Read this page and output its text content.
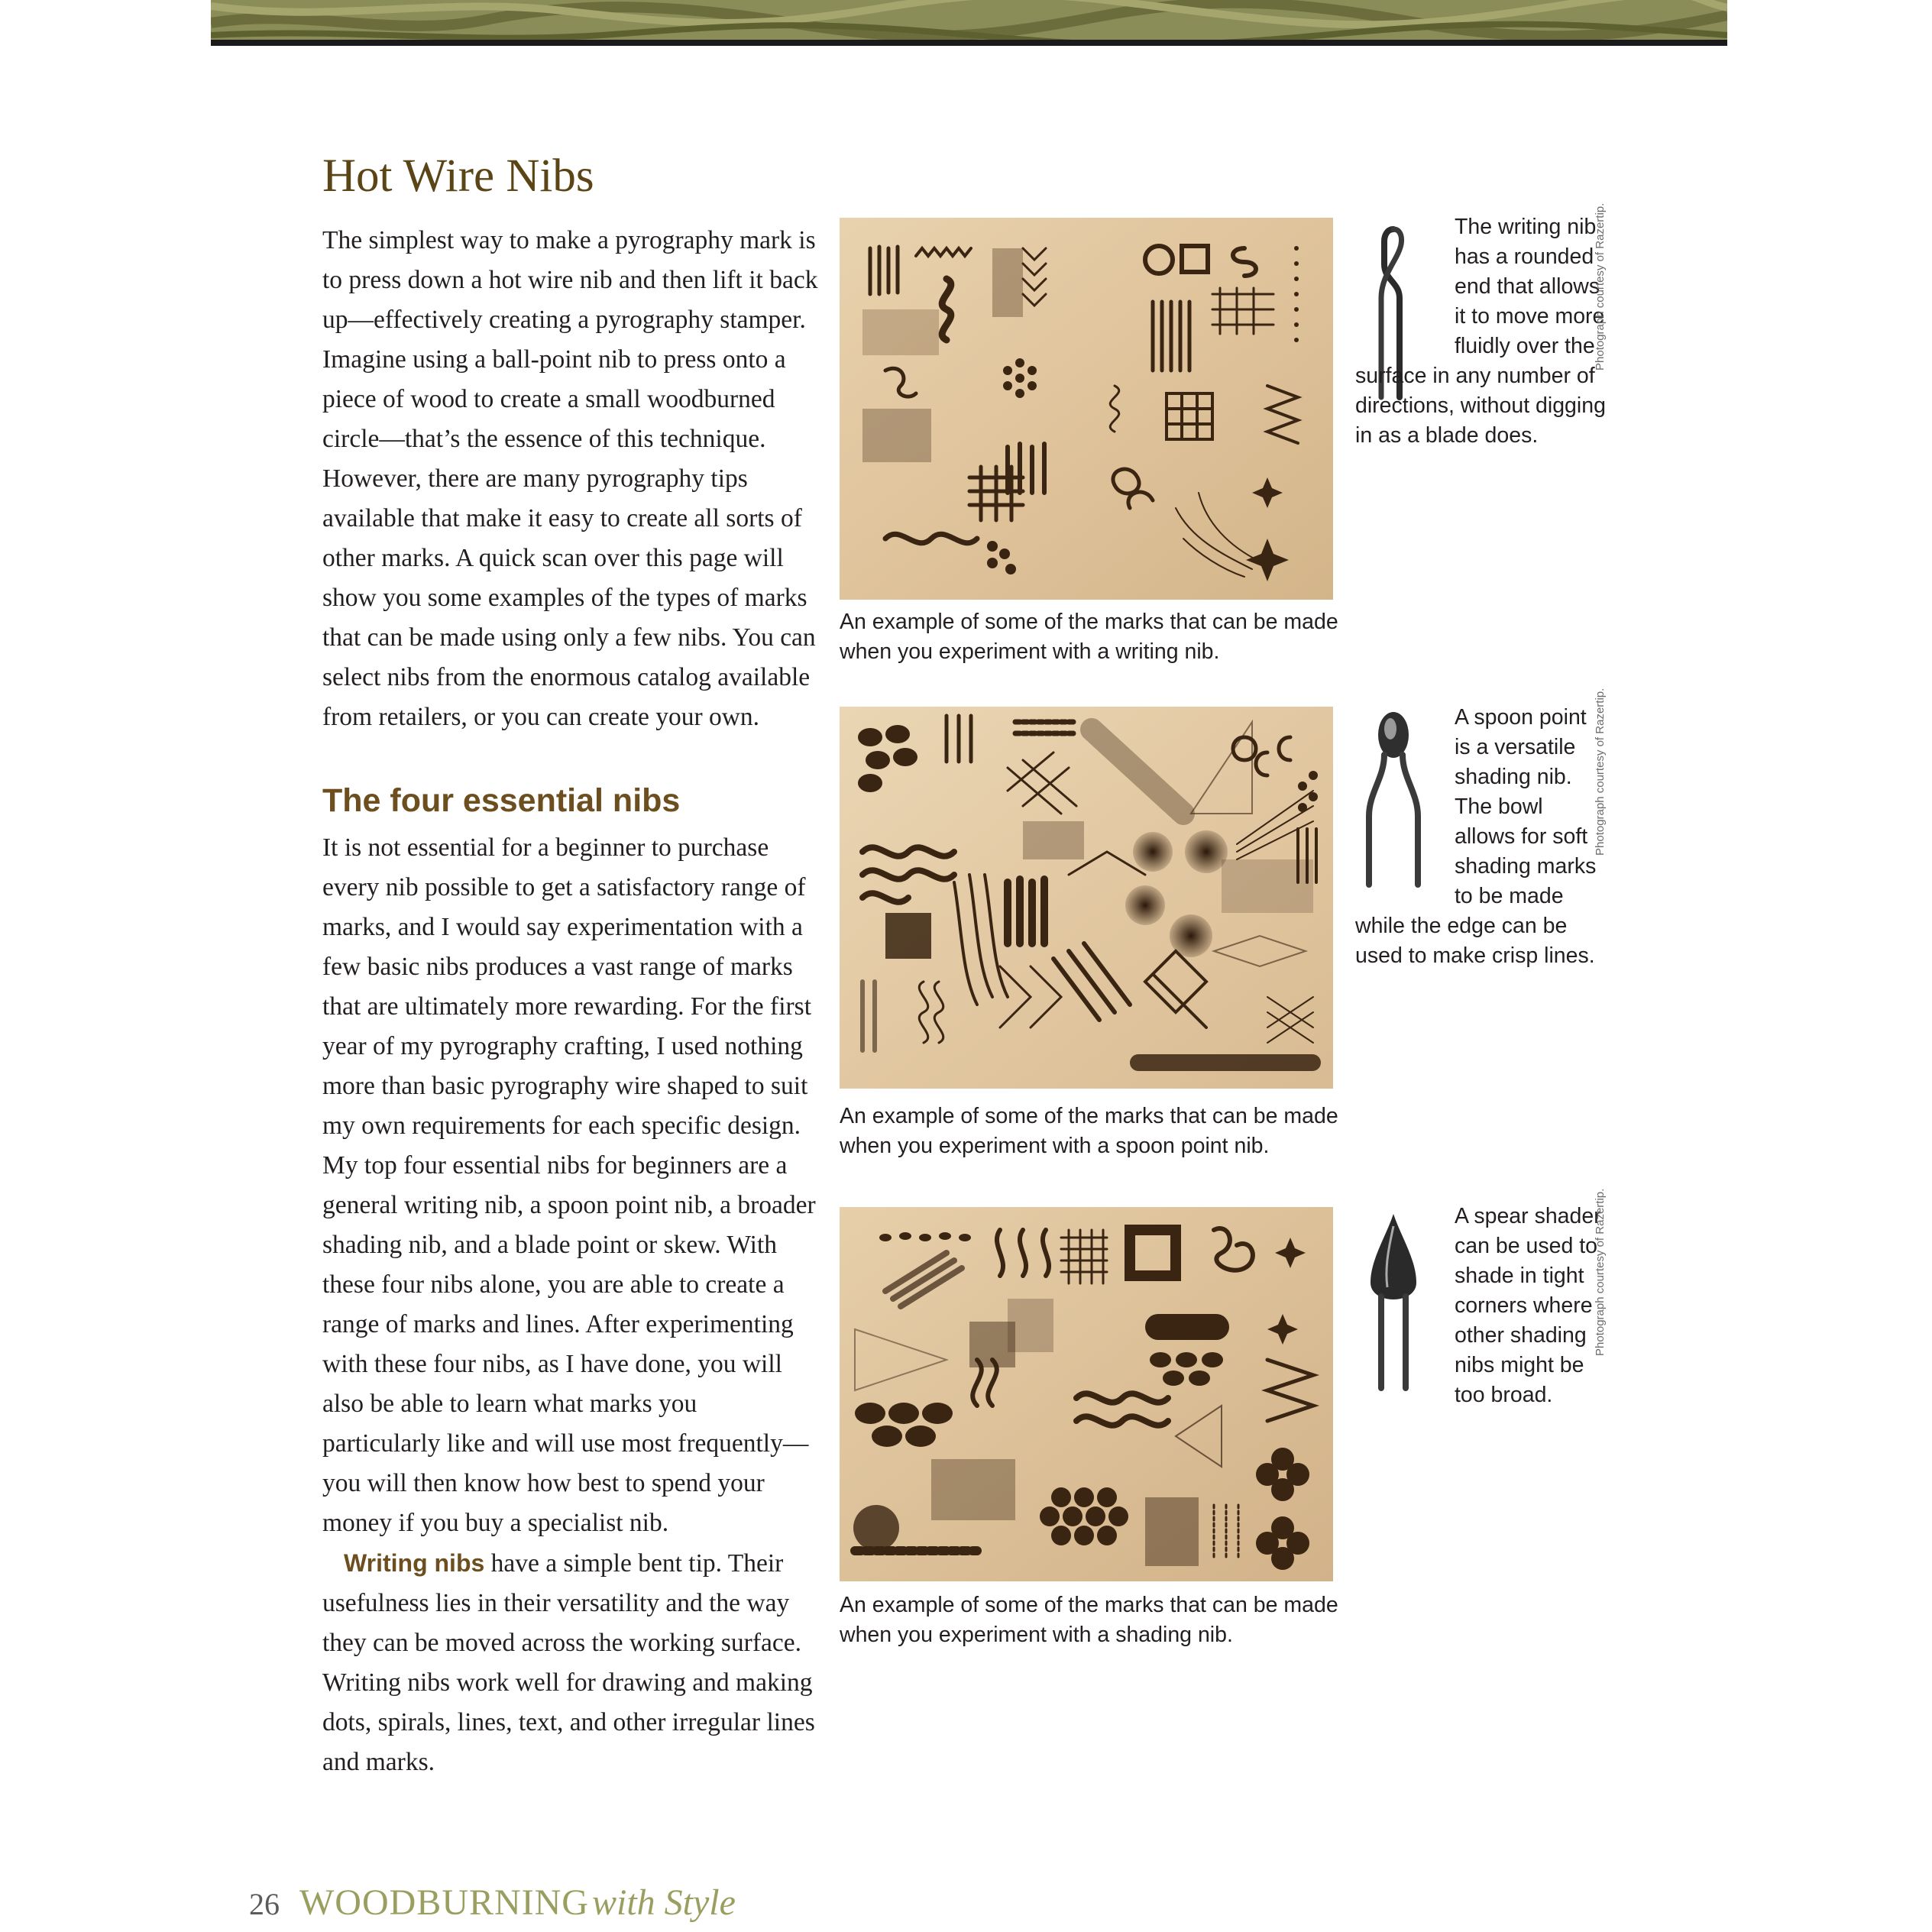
Hot Wire Nibs

The simplest way to make a pyrography mark is to press down a hot wire nib and then lift it back up—effectively creating a pyrography stamper. Imagine using a ball-point nib to press onto a piece of wood to create a small woodburned circle—that’s the essence of this technique. However, there are many pyrography tips available that make it easy to create all sorts of other marks. A quick scan over this page will show you some examples of the types of marks that can be made using only a few nibs. You can select nibs from the enormous catalog available from retailers, or you can create your own.

The four essential nibs

It is not essential for a beginner to purchase every nib possible to get a satisfactory range of marks, and I would say experimentation with a few basic nibs produces a vast range of marks that are ultimately more rewarding. For the first year of my pyrography crafting, I used nothing more than basic pyrography wire shaped to suit my own requirements for each specific design. My top four essential nibs for beginners are a general writing nib, a spoon point nib, a broader shading nib, and a blade point or skew. With these four nibs alone, you are able to create a range of marks and lines. After experimenting with these four nibs, as I have done, you will also be able to learn what marks you particularly like and will use most frequently—you will then know how best to spend your money if you buy a specialist nib.

Writing nibs have a simple bent tip. Their usefulness lies in their versatility and the way they can be moved across the working surface. Writing nibs work well for drawing and making dots, spirals, lines, text, and other irregular lines and marks.

An example of some of the marks that can be made when you experiment with a writing nib.

The writing nib has a rounded end that allows it to move more fluidly over the surface in any number of directions, without digging in as a blade does.

Photograph courtesy of Razertip.

An example of some of the marks that can be made when you experiment with a spoon point nib.

A spoon point is a versatile shading nib. The bowl allows for soft shading marks to be made while the edge can be used to make crisp lines.

Photograph courtesy of Razertip.

An example of some of the marks that can be made when you experiment with a shading nib.

A spear shader can be used to shade in tight corners where other shading nibs might be too broad.

Photograph courtesy of Razertip.
26 WOODBURNING with Style
